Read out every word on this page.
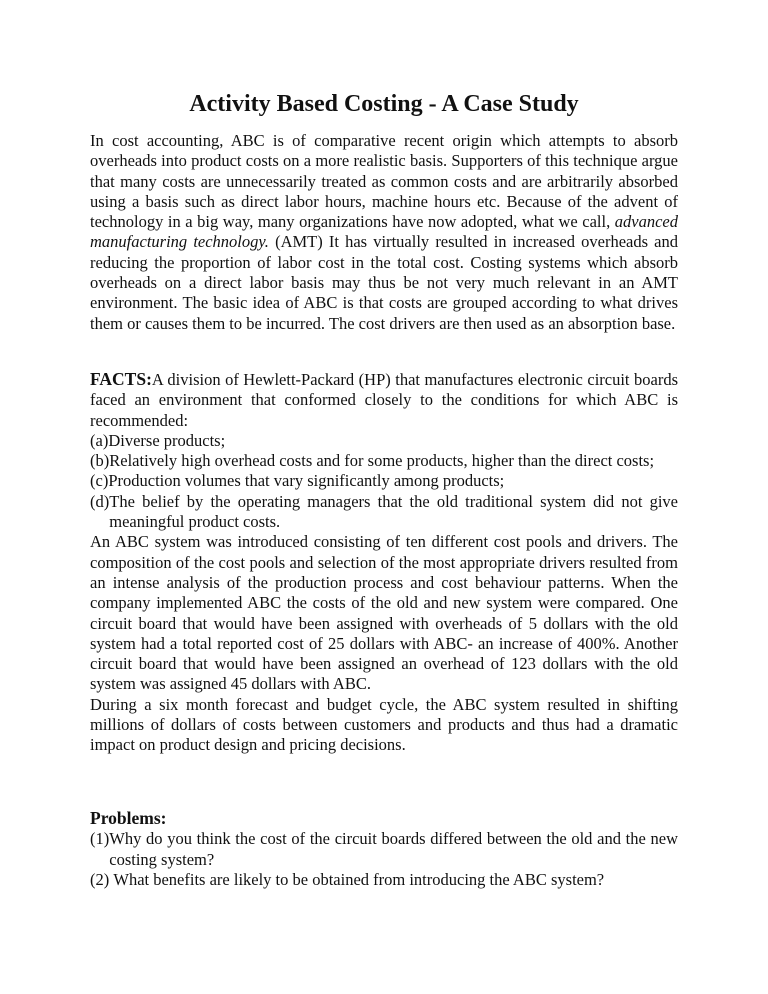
Activity Based Costing - A Case Study

In cost accounting, ABC is of comparative recent origin which attempts to absorb overheads into product costs on a more realistic basis. Supporters of this technique argue that many costs are unnecessarily treated as common costs and are arbitrarily absorbed using a basis such as direct labor hours, machine hours etc. Because of the advent of technology in a big way, many organizations have now adopted, what we call, advanced manufacturing technology. (AMT) It has virtually resulted in increased overheads and reducing the proportion of labor cost in the total cost. Costing systems which absorb overheads on a direct labor basis may thus be not very much relevant in an AMT environment. The basic idea of ABC is that costs are grouped according to what drives them or causes them to be incurred. The cost drivers are then used as an absorption base.

FACTS:A division of Hewlett-Packard (HP) that manufactures electronic circuit boards faced an environment that conformed closely to the conditions for which ABC is recommended:

(a) Diverse products;
(b) Relatively high overhead costs and for some products, higher than the direct costs;
(c) Production volumes that vary significantly among products;
(d) The belief by the operating managers that the old traditional system did not give meaningful product costs.

An ABC system was introduced consisting of ten different cost pools and drivers. The composition of the cost pools and selection of the most appropriate drivers resulted from an intense analysis of the production process and cost behaviour patterns. When the company implemented ABC the costs of the old and new system were compared. One circuit board that would have been assigned with overheads of 5 dollars with the old system had a total reported cost of 25 dollars with ABC- an increase of 400%. Another circuit board that would have been assigned an overhead of 123 dollars with the old system was assigned 45 dollars with ABC.

During a six month forecast and budget cycle, the ABC system resulted in shifting millions of dollars of costs between customers and products and thus had a dramatic impact on product design and pricing decisions.

Problems:

(1) Why do you think the cost of the circuit boards differed between the old and the new costing system?
(2) What benefits are likely to be obtained from introducing the ABC system?
